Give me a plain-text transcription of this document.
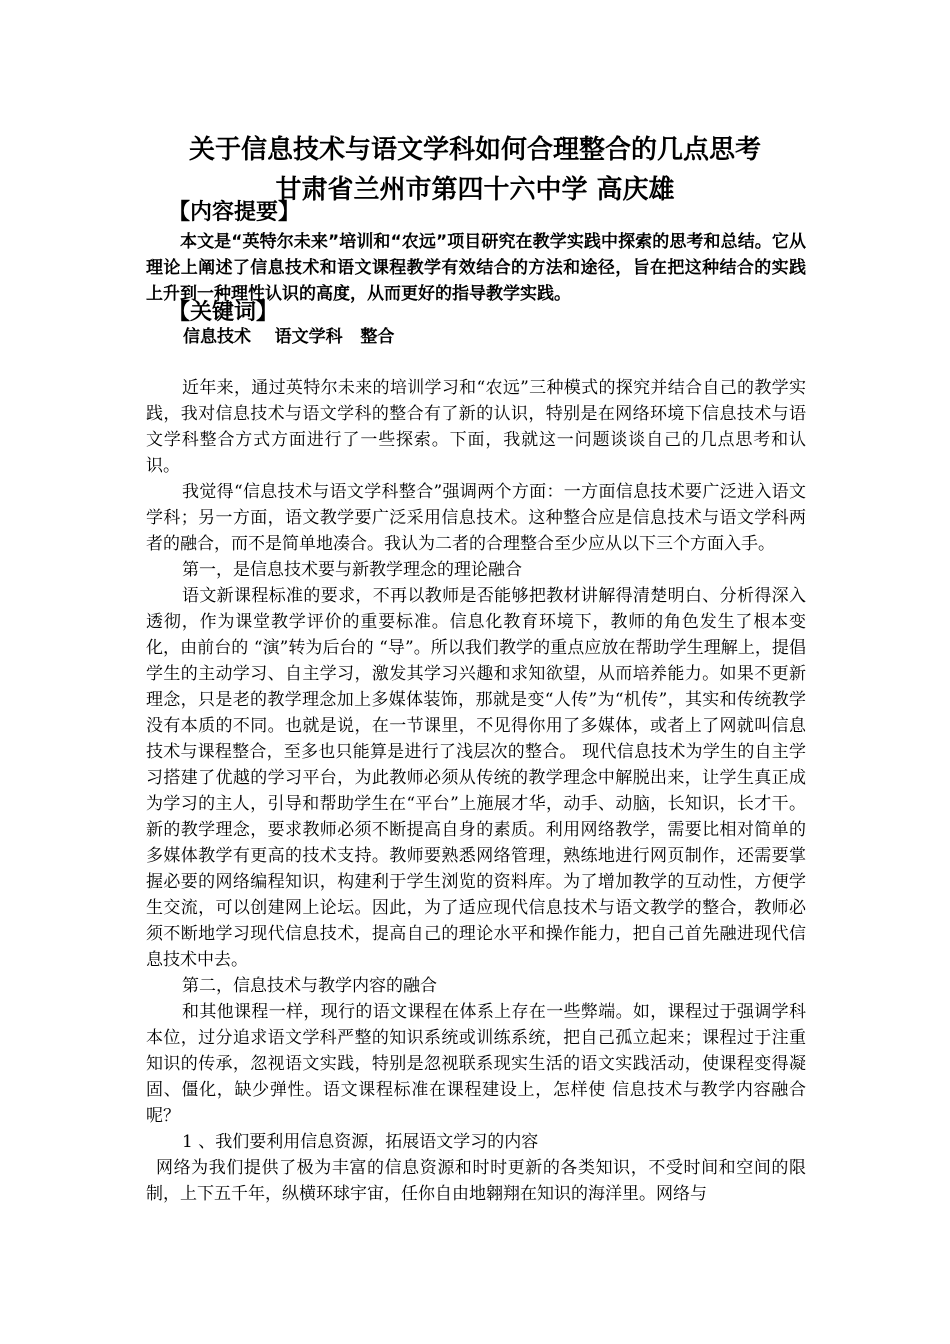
关于信息技术与语文学科如何合理整合的几点思考
甘肃省兰州市第四十六中学 高庆雄
【内容提要】

本文是“英特尔未来”培训和“农远”项目研究在教学实践中探索的思考和总结。它从理论上阐述了信息技术和语文课程教学有效结合的方法和途径，旨在把这种结合的实践上升到一种理性认识的高度，从而更好的指导教学实践。

【关键词】
信息技术    语文学科   整合

近年来，通过英特尔未来的培训学习和“农远”三种模式的探究并结合自己的教学实践，我对信息技术与语文学科的整合有了新的认识，特别是在网络环境下信息技术与语文学科整合方式方面进行了一些探索。下面，我就这一问题谈谈自己的几点思考和认识。

我觉得“信息技术与语文学科整合”强调两个方面：一方面信息技术要广泛进入语文学科；另一方面，语文教学要广泛采用信息技术。这种整合应是信息技术与语文学科两者的融合，而不是简单地凑合。我认为二者的合理整合至少应从以下三个方面入手。

第一，是信息技术要与新教学理念的理论融合

语文新课程标准的要求，不再以教师是否能够把教材讲解得清楚明白、分析得深入透彻，作为课堂教学评价的重要标准。信息化教育环境下，教师的角色发生了根本变化，由前台的 “演”转为后台的 “导”。所以我们教学的重点应放在帮助学生理解上，提倡学生的主动学习、自主学习，激发其学习兴趣和求知欲望，从而培养能力。如果不更新理念，只是老的教学理念加上多媒体装饰，那就是变“人传”为“机传”，其实和传统教学没有本质的不同。也就是说，在一节课里，不见得你用了多媒体，或者上了网就叫信息技术与课程整合，至多也只能算是进行了浅层次的整合。 现代信息技术为学生的自主学习搭建了优越的学习平台，为此教师必须从传统的教学理念中解脱出来，让学生真正成为学习的主人，引导和帮助学生在“平台”上施展才华，动手、动脑，长知识，长才干。新的教学理念，要求教师必须不断提高自身的素质。利用网络教学，需要比相对简单的多媒体教学有更高的技术支持。教师要熟悉网络管理，熟练地进行网页制作，还需要掌握必要的网络编程知识，构建利于学生浏览的资料库。为了增加教学的互动性，方便学生交流，可以创建网上论坛。因此，为了适应现代信息技术与语文教学的整合，教师必须不断地学习现代信息技术，提高自己的理论水平和操作能力，把自己首先融进现代信息技术中去。

第二，信息技术与教学内容的融合

和其他课程一样，现行的语文课程在体系上存在一些弊端。如，课程过于强调学科本位，过分追求语文学科严整的知识系统或训练系统，把自己孤立起来；课程过于注重知识的传承，忽视语文实践，特别是忽视联系现实生活的语文实践活动，使课程变得凝固、僵化，缺少弹性。语文课程标准在课程建设上，怎样使 信息技术与教学内容融合呢？

1 、我们要利用信息资源，拓展语文学习的内容

网络为我们提供了极为丰富的信息资源和时时更新的各类知识，不受时间和空间的限制，上下五千年，纵横环球宇宙，任你自由地翱翔在知识的海洋里。网络与
